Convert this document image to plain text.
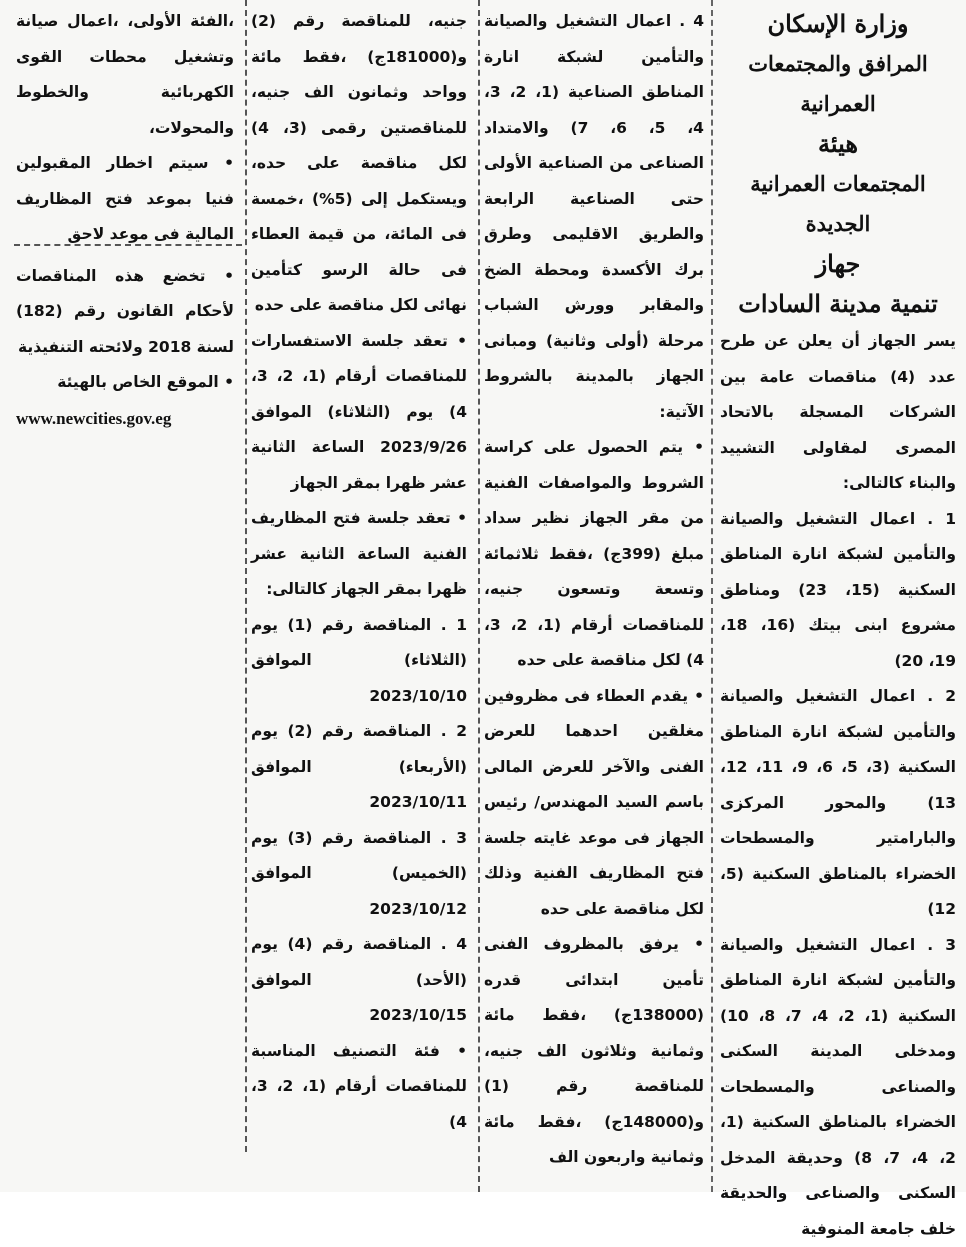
وزارة الإسكان
المرافق والمجتمعات العمرانية
هيئة
المجتمعات العمرانية الجديدة
جهاز
تنمية مدينة السادات

يسر الجهاز أن يعلن عن طرح عدد (4) مناقصات عامة بين الشركات المسجلة بالاتحاد المصرى لمقاولى التشييد والبناء كالتالى:

1 . اعمال التشغيل والصيانة والتأمين لشبكة انارة المناطق السكنية (15، 23) ومناطق مشروع ابنى بيتك (16، 18، 19، 20)

2 . اعمال التشغيل والصيانة والتأمين لشبكة انارة المناطق السكنية (3، 5، 6، 9، 11، 12، 13) والمحور المركزى والبارامتير والمسطحات الخضراء بالمناطق السكنية (5، 12)

3 . اعمال التشغيل والصيانة والتأمين لشبكة انارة المناطق السكنية (1، 2، 4، 7، 8، 10) ومدخلى المدينة السكنى والصناعى والمسطحات الخضراء بالمناطق السكنية (1، 2، 4، 7، 8) وحديقة المدخل السكنى والصناعى والحديقة خلف جامعة المنوفية

4 . اعمال التشغيل والصيانة والتأمين لشبكة انارة المناطق الصناعية (1، 2، 3، 4، 5، 6، 7) والامتداد الصناعى من الصناعية الأولى حتى الصناعية الرابعة والطريق الاقليمى وطرق برك الأكسدة ومحطة الضخ والمقابر وورش الشباب مرحلة (أولى وثانية) ومبانى الجهاز بالمدينة بالشروط الآتية:

• يتم الحصول على كراسة الشروط والمواصفات الفنية من مقر الجهاز نظير سداد مبلغ (399ج) ،فقط ثلاثمائة وتسعة وتسعون جنيه، للمناقصات أرقام (1، 2، 3، 4) لكل مناقصة على حده

• يقدم العطاء فى مظروفين مغلقين احدهما للعرض الفنى والآخر للعرض المالى باسم السيد المهندس/ رئيس الجهاز فى موعد غايته جلسة فتح المظاريف الفنية وذلك لكل مناقصة على حده

• يرفق بالمظروف الفنى تأمين ابتدائى قدره (138000ج) ،فقط مائة وثمانية وثلاثون الف جنيه، للمناقصة رقم (1) و(148000ج) ،فقط مائة وثمانية واربعون الف

جنيه، للمناقصة رقم (2) و(181000ج) ،فقط مائة وواحد وثمانون الف جنيه، للمناقصتين رقمى (3، 4) لكل مناقصة على حده، ويستكمل إلى (5%) ،خمسة فى المائة، من قيمة العطاء فى حالة الرسو كتأمين نهائى لكل مناقصة على حده

• تعقد جلسة الاستفسارات للمناقصات أرقام (1، 2، 3، 4) يوم (الثلاثاء) الموافق 2023/9/26 الساعة الثانية عشر ظهرا بمقر الجهاز

• تعقد جلسة فتح المظاريف الفنية الساعة الثانية عشر ظهرا بمقر الجهاز كالتالى:

1 . المناقصة رقم (1) يوم (الثلاثاء) الموافق 2023/10/10

2 . المناقصة رقم (2) يوم (الأربعاء) الموافق 2023/10/11

3 . المناقصة رقم (3) يوم (الخميس) الموافق 2023/10/12

4 . المناقصة رقم (4) يوم (الأحد) الموافق 2023/10/15

• فئة التصنيف المناسبة للمناقصات أرقام (1، 2، 3، 4)

،الفئة الأولى، ،اعمال صيانة وتشغيل محطات القوى الكهربائية والخطوط والمحولات،

• سيتم اخطار المقبولين فنيا بموعد فتح المظاريف المالية فى موعد لاحق

• تخضع هذه المناقصات لأحكام القانون رقم (182) لسنة 2018 ولائحته التنفيذية

• الموقع الخاص بالهيئة

www.newcities.gov.eg
